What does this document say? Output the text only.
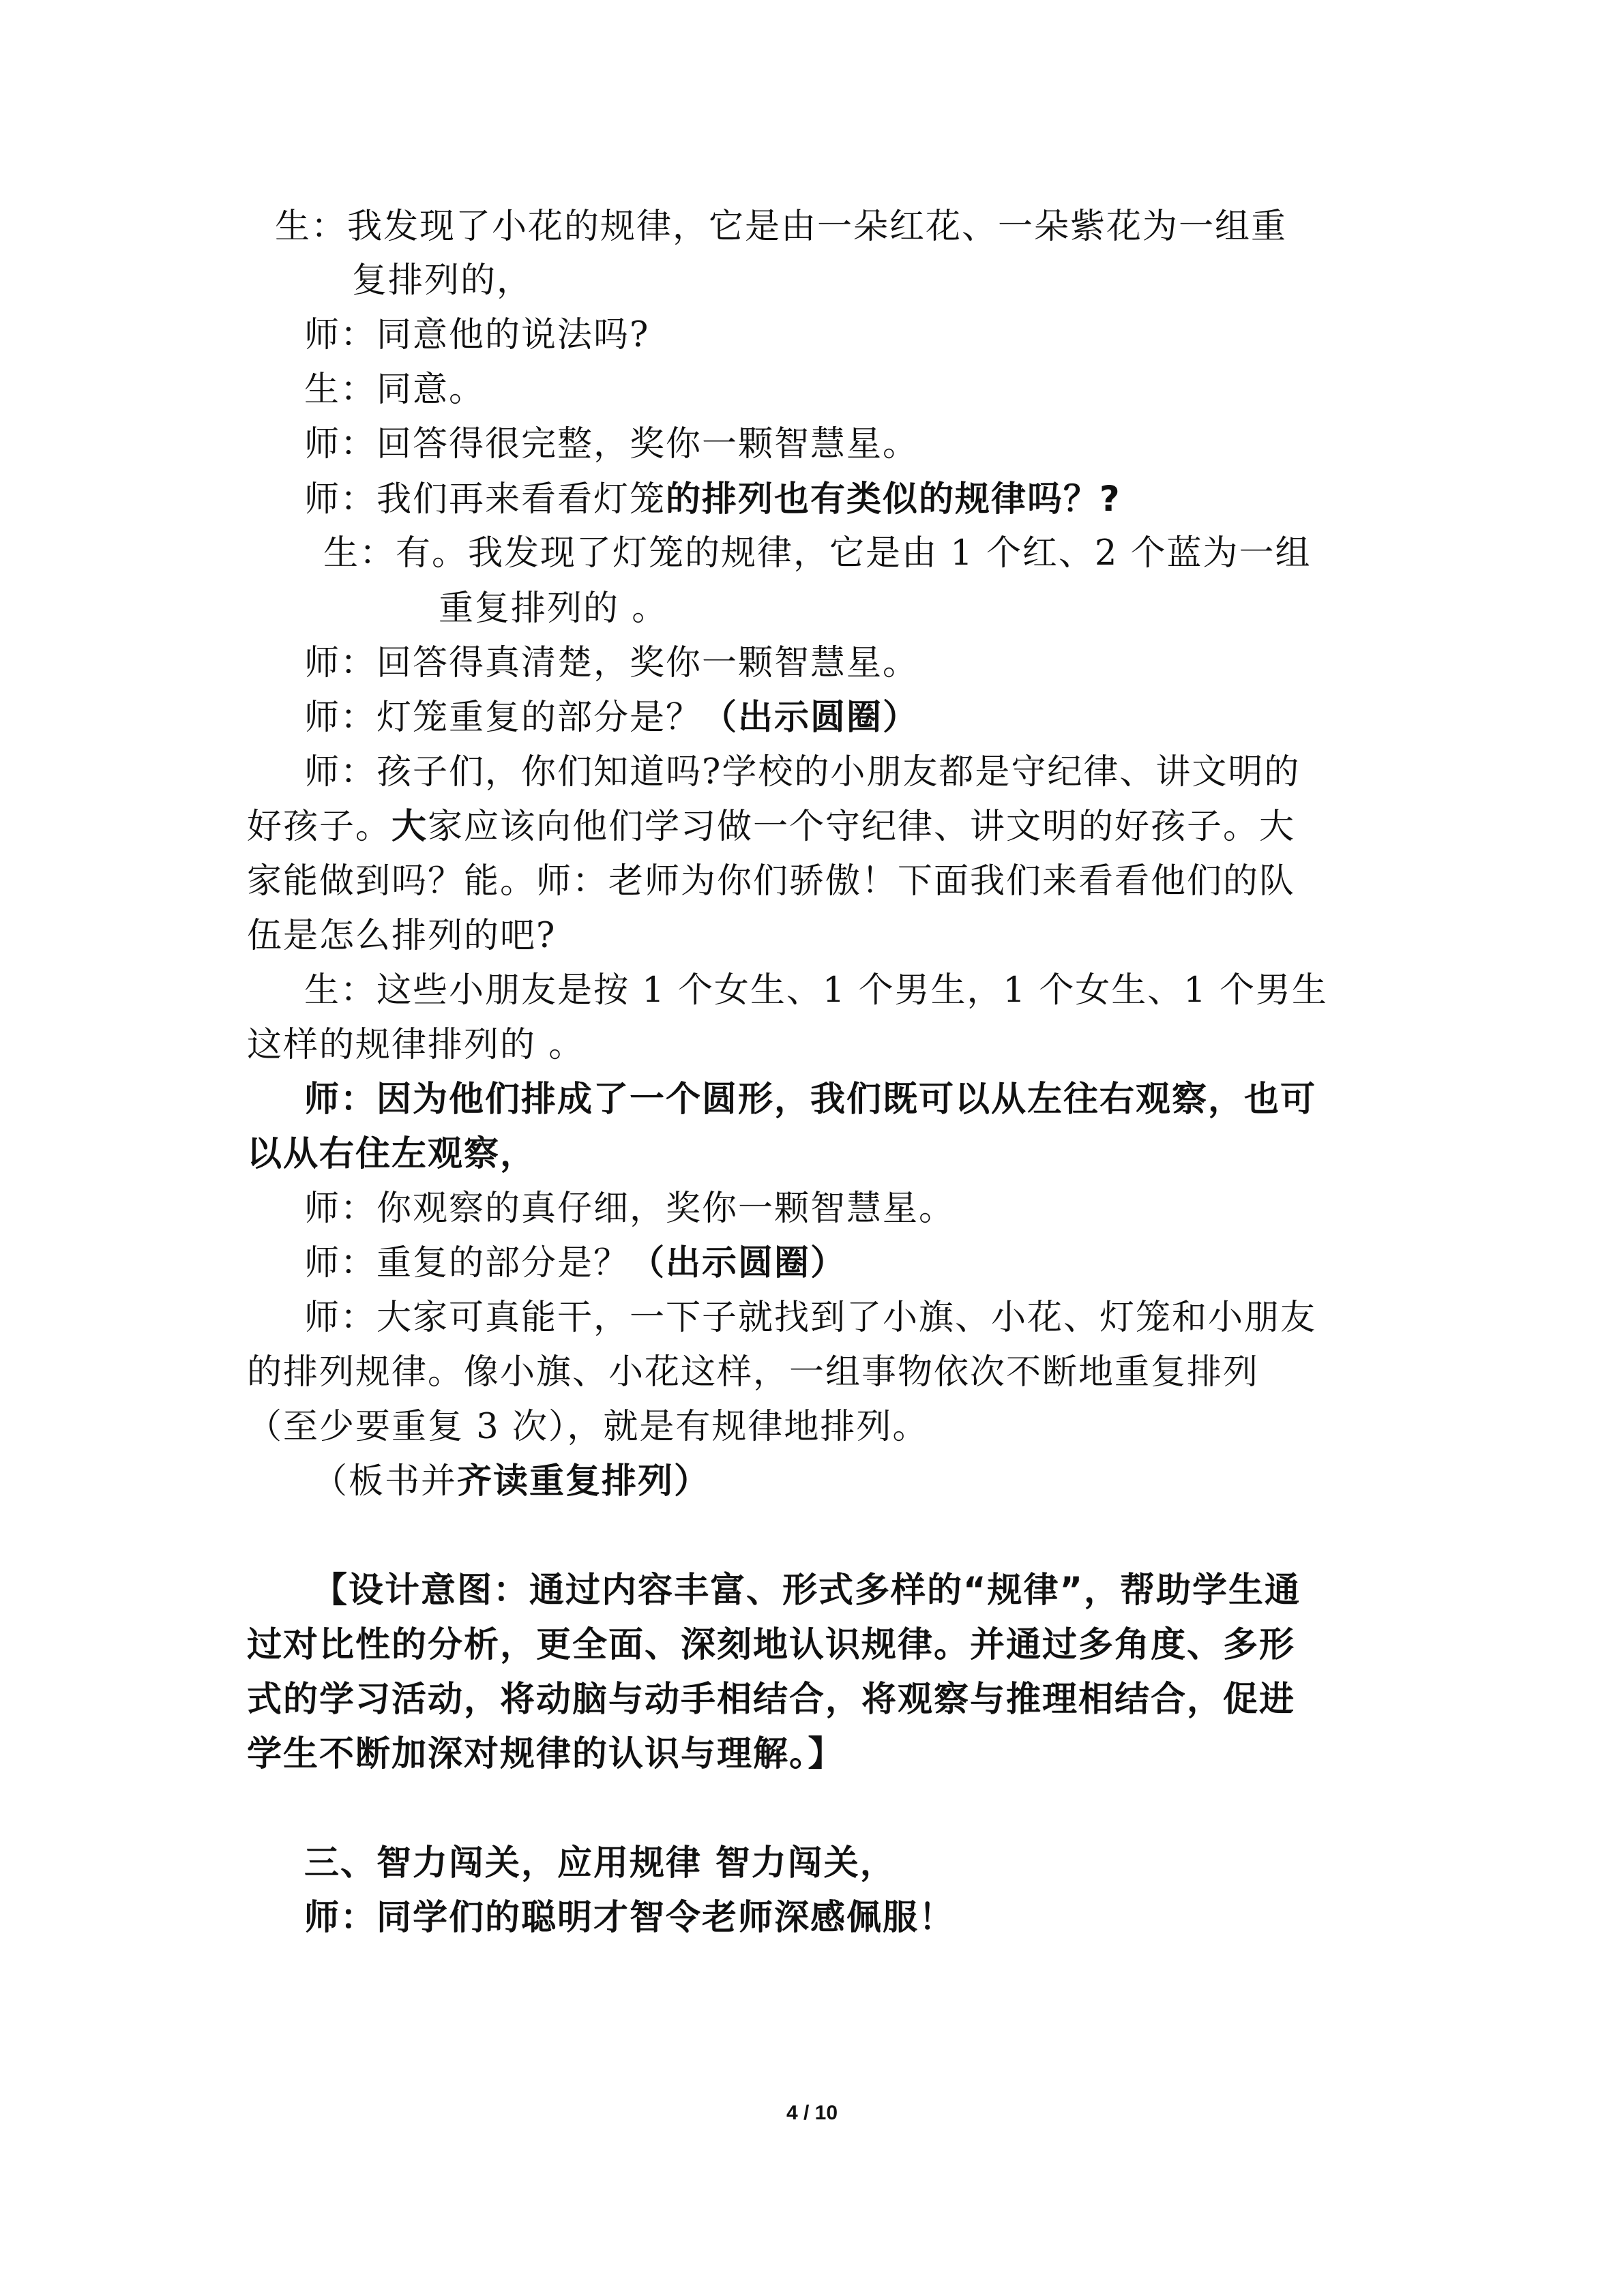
生：我发现了小花的规律，它是由一朵红花、一朵紫花为一组重
复排列的，
师：同意他的说法吗?
生：同意。
师：回答得很完整，奖你一颗智慧星。
师：我们再来看看灯笼的排列也有类似的规律吗？?
生：有。我发现了灯笼的规律，它是由 1 个红、2 个蓝为一组
重复排列的 。
师：回答得真清楚，奖你一颗智慧星。
师：灯笼重复的部分是？（出示圆圈）
师：孩子们，你们知道吗?学校的小朋友都是守纪律、讲文明的
好孩子。大家应该向他们学习做一个守纪律、讲文明的好孩子。大
家能做到吗？能。师：老师为你们骄傲！下面我们来看看他们的队
伍是怎么排列的吧?
生：这些小朋友是按 1 个女生、1 个男生，1 个女生、1 个男生
这样的规律排列的 。
师：因为他们排成了一个圆形，我们既可以从左往右观察，也可
以从右住左观察，
师：你观察的真仔细，奖你一颗智慧星。
师：重复的部分是？（出示圆圈）
师：大家可真能干，一下子就找到了小旗、小花、灯笼和小朋友
的排列规律。像小旗、小花这样，一组事物依次不断地重复排列
（至少要重复 3 次），就是有规律地排列。
（板书并齐读重复排列）
【设计意图：通过内容丰富、形式多样的“规律”，帮助学生通
过对比性的分析，更全面、深刻地认识规律。并通过多角度、多形
式的学习活动，将动脑与动手相结合，将观察与推理相结合，促进
学生不断加深对规律的认识与理解。】
三、智力闯关，应用规律 智力闯关，
师：同学们的聪明才智令老师深感佩服！
4 / 10
